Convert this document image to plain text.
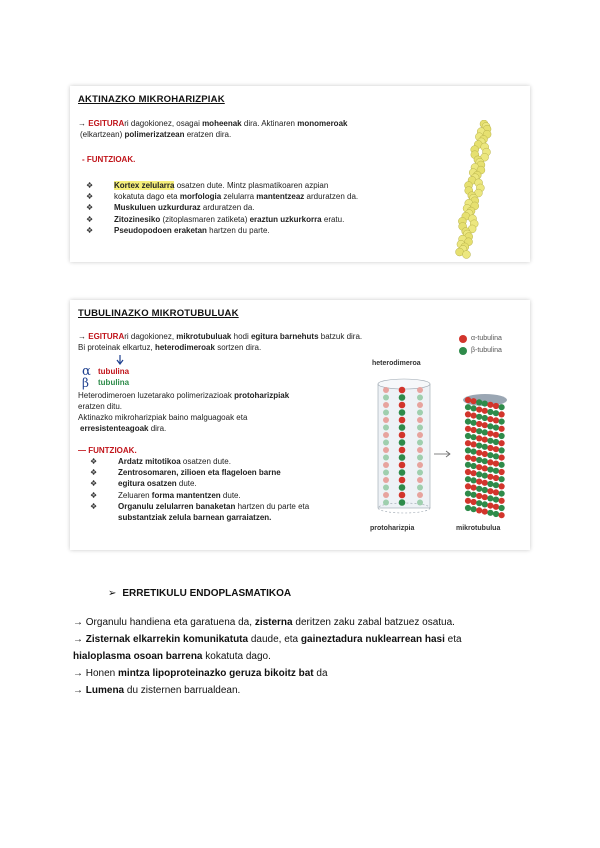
AKTINAZKO MIKROHARIZPIAK
→ EGITURAri dagokionez, osagai moheenak dira. Aktinaren monomeroak
(elkartzean) polimerizatzean eratzen dira.
- FUNTZIOAK.
❖	Kortex zelularra osatzen dute. Mintz plasmatikoaren azpian
❖	kokatuta dago eta morfologia zelularra mantentzeaz arduratzen da.
❖	Muskuluen uzkurduraz arduratzen da.
❖	Zitozinesiko (zitoplasmaren zatiketa) eraztun uzkurkorra eratu.
❖	Pseudopodoen eraketan hartzen du parte.
TUBULINAZKO MIKROTUBULUAK
→ EGITURAri dagokionez, mikrotubuluak hodi egitura barnehuts batzuk dira.
Bi proteinak elkartuz, heterodimeroak sortzen dira.
α tubulina
β tubulina
Heterodimeroen luzetarako polimerizazioak protoharizpiak
eratzen ditu.
Aktinazko mikroharizpiak baino malguagoak eta
erresistenteagoak dira.
— FUNTZIOAK.
❖	Ardatz mitotikoa osatzen dute.
❖	Zentrosomaren, zilioen eta flageloen barne
❖	egitura osatzen dute.
❖	Zeluaren forma mantentzen dute.
❖	Organulu zelularren banaketan hartzen du parte eta
substantziak zelula barnean garraiatzen.
α-tubulina
β-tubulina
heterodimeroa
protoharizpia	mikrotubulua
➢ ERRETIKULU ENDOPLASMATIKOA
→ Organulu handiena eta garatuena da, zisterna deritzen zaku zabal batzuez osatua.
→ Zisternak elkarrekin komunikatuta daude, eta gaineztadura nuklearrean hasi eta
hialoplasma osoan barrena kokatuta dago.
→ Honen mintza lipoproteinazko geruza bikoitz bat da
→ Lumena du zisternen barrualdean.
